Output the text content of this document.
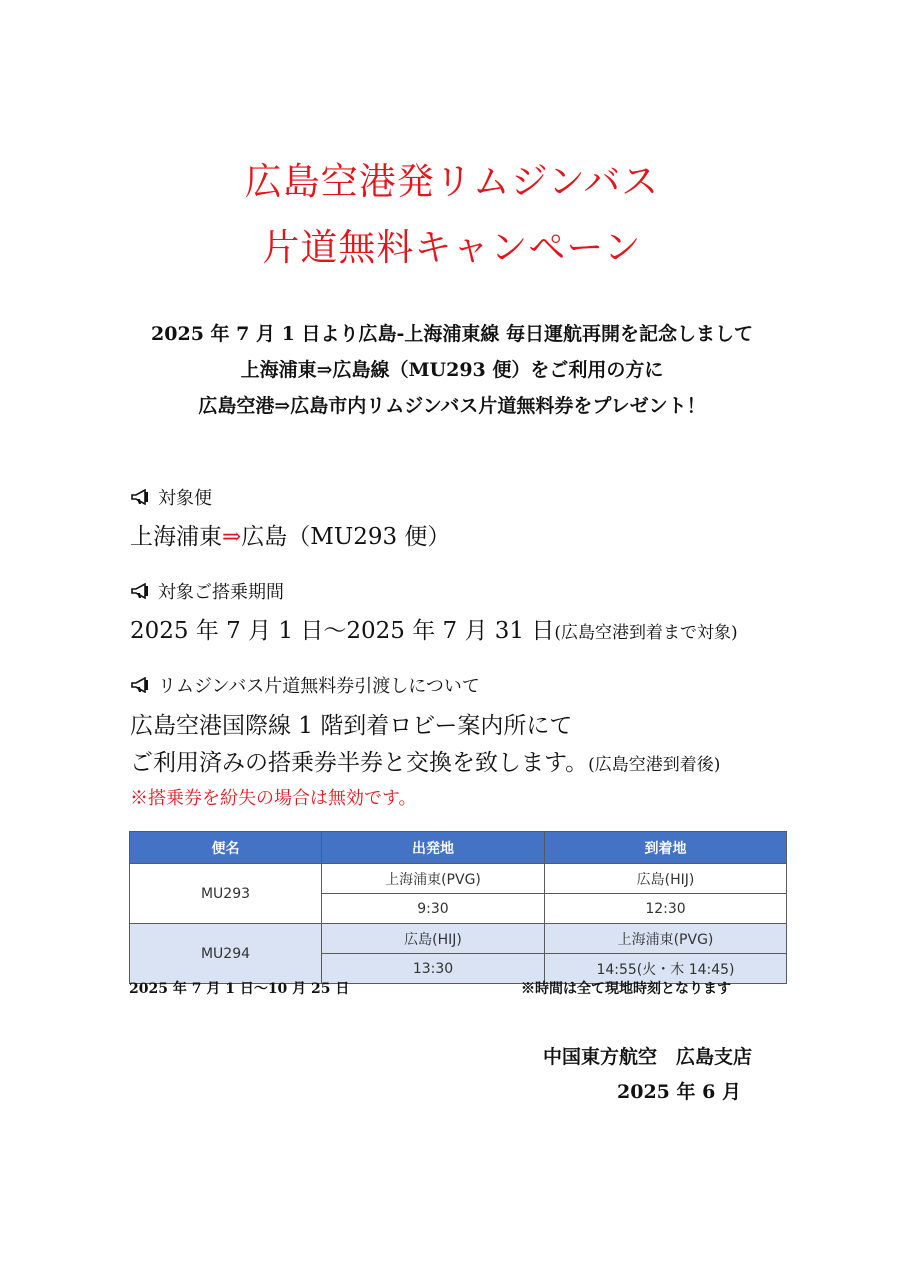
広島空港発リムジンバス
片道無料キャンペーン
2025 年 7 月 1 日より広島-上海浦東線 毎日運航再開を記念しまして
上海浦東⇒広島線（MU293 便）をご利用の方に
広島空港⇒広島市内リムジンバス片道無料券をプレゼント！
対象便
上海浦東⇒広島（MU293 便）
対象ご搭乗期間
2025 年 7 月 1 日～2025 年 7 月 31 日(広島空港到着まで対象)
リムジンバス片道無料券引渡しについて
広島空港国際線 1 階到着ロビー案内所にて
ご利用済みの搭乗券半券と交換を致します。(広島空港到着後)
※搭乗券を紛失の場合は無効です。
便名	出発地	到着地
MU293	上海浦東(PVG)	広島(HIJ)
	9:30	12:30
MU294	広島(HIJ)	上海浦東(PVG)
	13:30	14:55(火・木 14:45)
2025 年 7 月 1 日～10 月 25 日	※時間は全て現地時刻となります
中国東方航空　広島支店
2025 年 6 月
